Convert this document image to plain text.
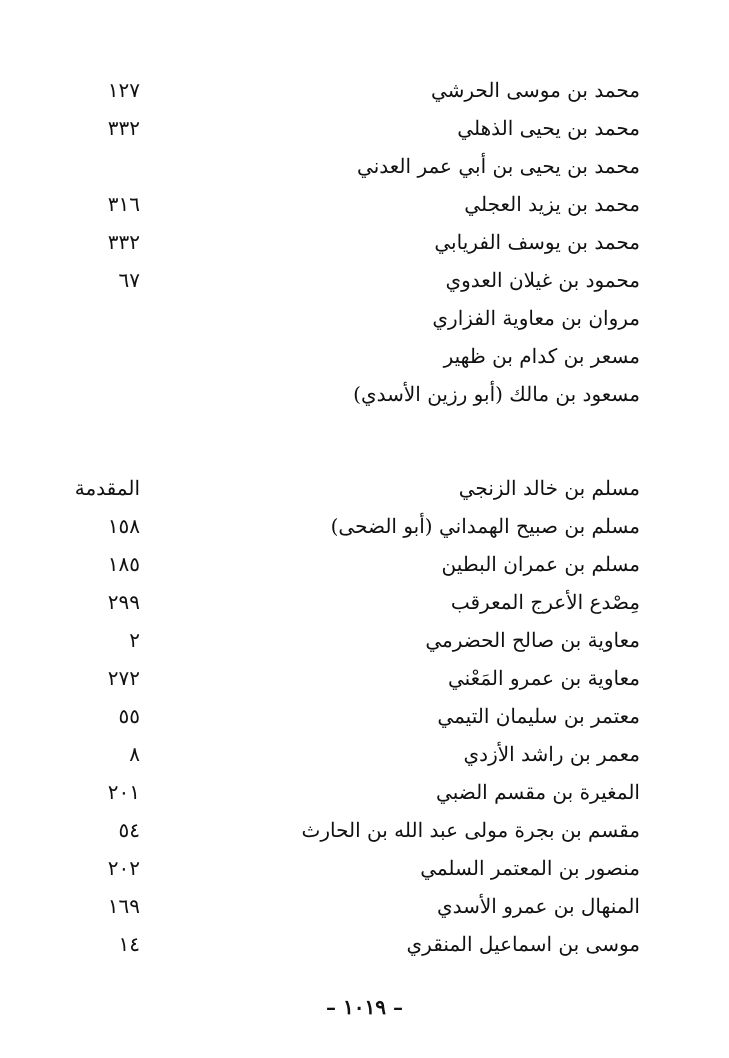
– ١٠١٩ –
محمد بن موسى الحرشي
١٢٧
محمد بن يحيى الذهلي
٣٣٢
محمد بن يحيى بن أبي عمر العدني
محمد بن يزيد العجلي
٣١٦
محمد بن يوسف الفريابي
٣٣٢
محمود بن غيلان العدوي
٦٧
مروان بن معاوية الفزاري
مسعر بن كدام بن ظهير
مسعود بن مالك (أبو رزين الأسدي)
مسلم بن خالد الزنجي
المقدمة
مسلم بن صبيح الهمداني (أبو الضحى)
١٥٨
مسلم بن عمران البطين
١٨٥
مِصْدع الأعرج المعرقب
٢٩٩
معاوية بن صالح الحضرمي
٢
معاوية بن عمرو المَعْني
٢٧٢
معتمر بن سليمان التيمي
٥٥
معمر بن راشد الأزدي
٨
المغيرة بن مقسم الضبي
٢٠١
مقسم بن بجرة مولى عبد الله بن الحارث
٥٤
منصور بن المعتمر السلمي
٢٠٢
المنهال بن عمرو الأسدي
١٦٩
موسى بن اسماعيل المنقري
١٤
